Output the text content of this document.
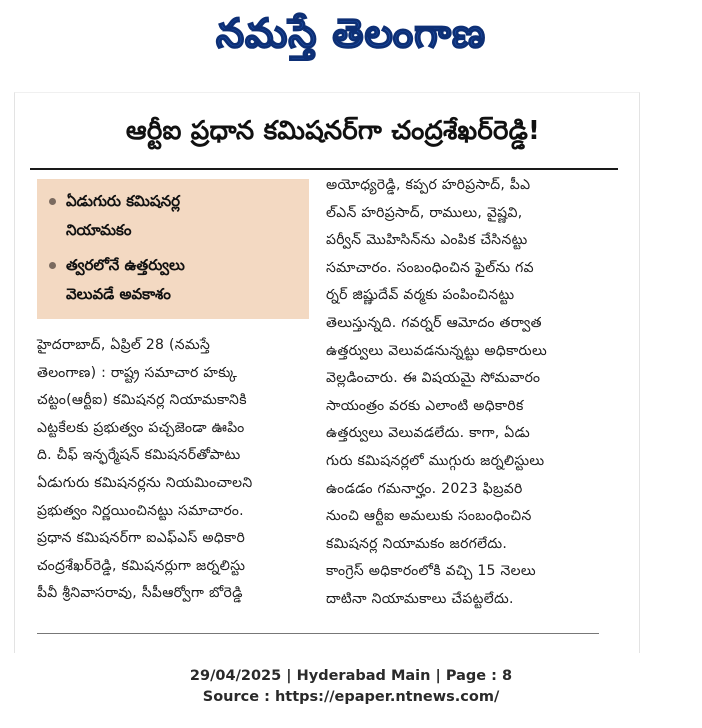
నమస్తే తెలంగాణ
ఆర్టీఐ ప్రధాన కమిషనర్‌గా చంద్రశేఖర్‌రెడ్డి!
ఏడుగురు కమిషనర్ల
నియామకం
త్వరలోనే ఉత్తర్వులు
వెలువడే అవకాశం
హైదరాబాద్‌, ఏప్రిల్‌ 28 (నమస్తే
తెలంగాణ) : రాష్ట్ర సమాచార హక్కు
చట్టం(ఆర్టీఐ) కమిషనర్ల నియామకానికి
ఎట్టకేలకు ప్రభుత్వం పచ్చజెండా ఊపిం
ది. చీఫ్‌ ఇన్ఫర్మేషన్‌ కమిషనర్‌తోపాటు
ఏడుగురు కమిషనర్లను నియమించాలని
ప్రభుత్వం నిర్ణయించినట్టు సమాచారం.
ప్రధాన కమిషనర్‌గా ఐఎఫ్‌ఎస్‌ అధికారి
చంద్రశేఖర్‌రెడ్డి, కమిషనర్లుగా జర్నలిస్టు
పీవీ శ్రీనివాసరావు, సీపీఆర్వోగా బోరెడ్డి
అయోధ్యరెడ్డి, కప్పర హరిప్రసాద్‌, పీఎ
ల్‌ఎన్‌ హరిప్రసాద్‌, రాములు, వైష్ణవి,
పర్వీన్‌ మొహిసిన్‌ను ఎంపిక చేసినట్టు
సమాచారం. సంబంధించిన ఫైల్‌ను గవ
ర్నర్‌ జిష్ణుదేవ్‌ వర్మకు పంపించినట్టు
తెలుస్తున్నది. గవర్నర్‌ ఆమోదం తర్వాత
ఉత్తర్వులు వెలువడనున్నట్టు అధికారులు
వెల్లడించారు. ఈ విషయమై సోమవారం
సాయంత్రం వరకు ఎలాంటి అధికారిక
ఉత్తర్వులు వెలువడలేదు. కాగా, ఏడు
గురు కమిషనర్లలో ముగ్గురు జర్నలిస్టులు
ఉండడం గమనార్హం. 2023 ఫిబ్రవరి
నుంచి ఆర్టీఐ అమలుకు సంబంధించిన
కమిషనర్ల నియామకం జరగలేదు.
కాంగ్రెస్‌ అధికారంలోకి వచ్చి 15 నెలలు
దాటినా నియామకాలు చేపట్టలేదు.
29/04/2025 | Hyderabad Main | Page : 8
Source : https://epaper.ntnews.com/
